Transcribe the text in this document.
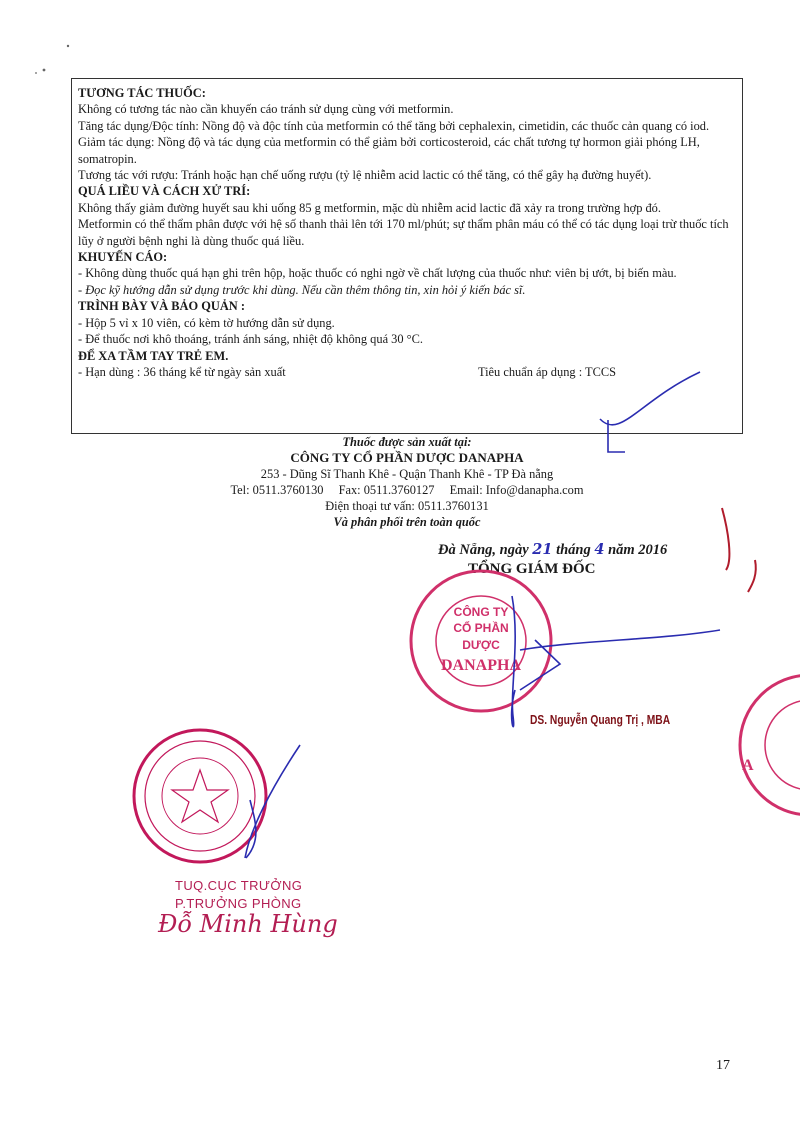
TƯƠNG TÁC THUỐC:

Không có tương tác nào cần khuyến cáo tránh sử dụng cùng với metformin.

Tăng tác dụng/Độc tính: Nồng độ và độc tính của metformin có thể tăng bởi cephalexin, cimetidin, các thuốc cản quang có iod.

Giảm tác dụng: Nồng độ và tác dụng của metformin có thể giảm bởi corticosteroid, các chất tương tự hormon giải phóng LH, somatropin.

Tương tác với rượu: Tránh hoặc hạn chế uống rượu (tỷ lệ nhiễm acid lactic có thể tăng, có thể gây hạ đường huyết).

QUÁ LIỀU VÀ CÁCH XỬ TRÍ:

Không thấy giảm đường huyết sau khi uống 85 g metformin, mặc dù nhiễm acid lactic đã xảy ra trong trường hợp đó.

Metformin có thể thẩm phân được với hệ số thanh thải lên tới 170 ml/phút; sự thẩm phân máu có thể có tác dụng loại trừ thuốc tích lũy ở người bệnh nghi là dùng thuốc quá liều.

KHUYẾN CÁO:

- Không dùng thuốc quá hạn ghi trên hộp, hoặc thuốc có nghi ngờ về chất lượng của thuốc như: viên bị ướt, bị biến màu.

- Đọc kỹ hướng dẫn sử dụng trước khi dùng. Nếu cần thêm thông tin, xin hỏi ý kiến bác sĩ.

TRÌNH BÀY VÀ BẢO QUẢN :

- Hộp 5 vỉ x 10 viên, có kèm tờ hướng dẫn sử dụng.

- Để thuốc nơi khô thoáng, tránh ánh sáng, nhiệt độ không quá 30 °C.

ĐỂ XA TẦM TAY TRẺ EM.

- Hạn dùng : 36 tháng kể từ ngày sản xuất	Tiêu chuẩn áp dụng : TCCS

Thuốc được sản xuất tại:

CÔNG TY CỔ PHẦN DƯỢC DANAPHA

253 - Dũng Sĩ Thanh Khê - Quận Thanh Khê - TP Đà nẵng

Tel: 0511.3760130 Fax: 0511.3760127 Email: Info@danapha.com

Điện thoại tư vấn: 0511.3760131

Và phân phối trên toàn quốc

Đà Nẵng, ngày 21 tháng 4 năm 2016
TỔNG GIÁM ĐỐC
CÔNG TY
CỔ PHẦN
DƯỢC
DANAPHA
A
DS. Nguyễn Quang Trị , MBA
TUQ.CỤC TRƯỞNG
P.TRƯỞNG PHÒNG
Đỗ Minh Hùng
17
